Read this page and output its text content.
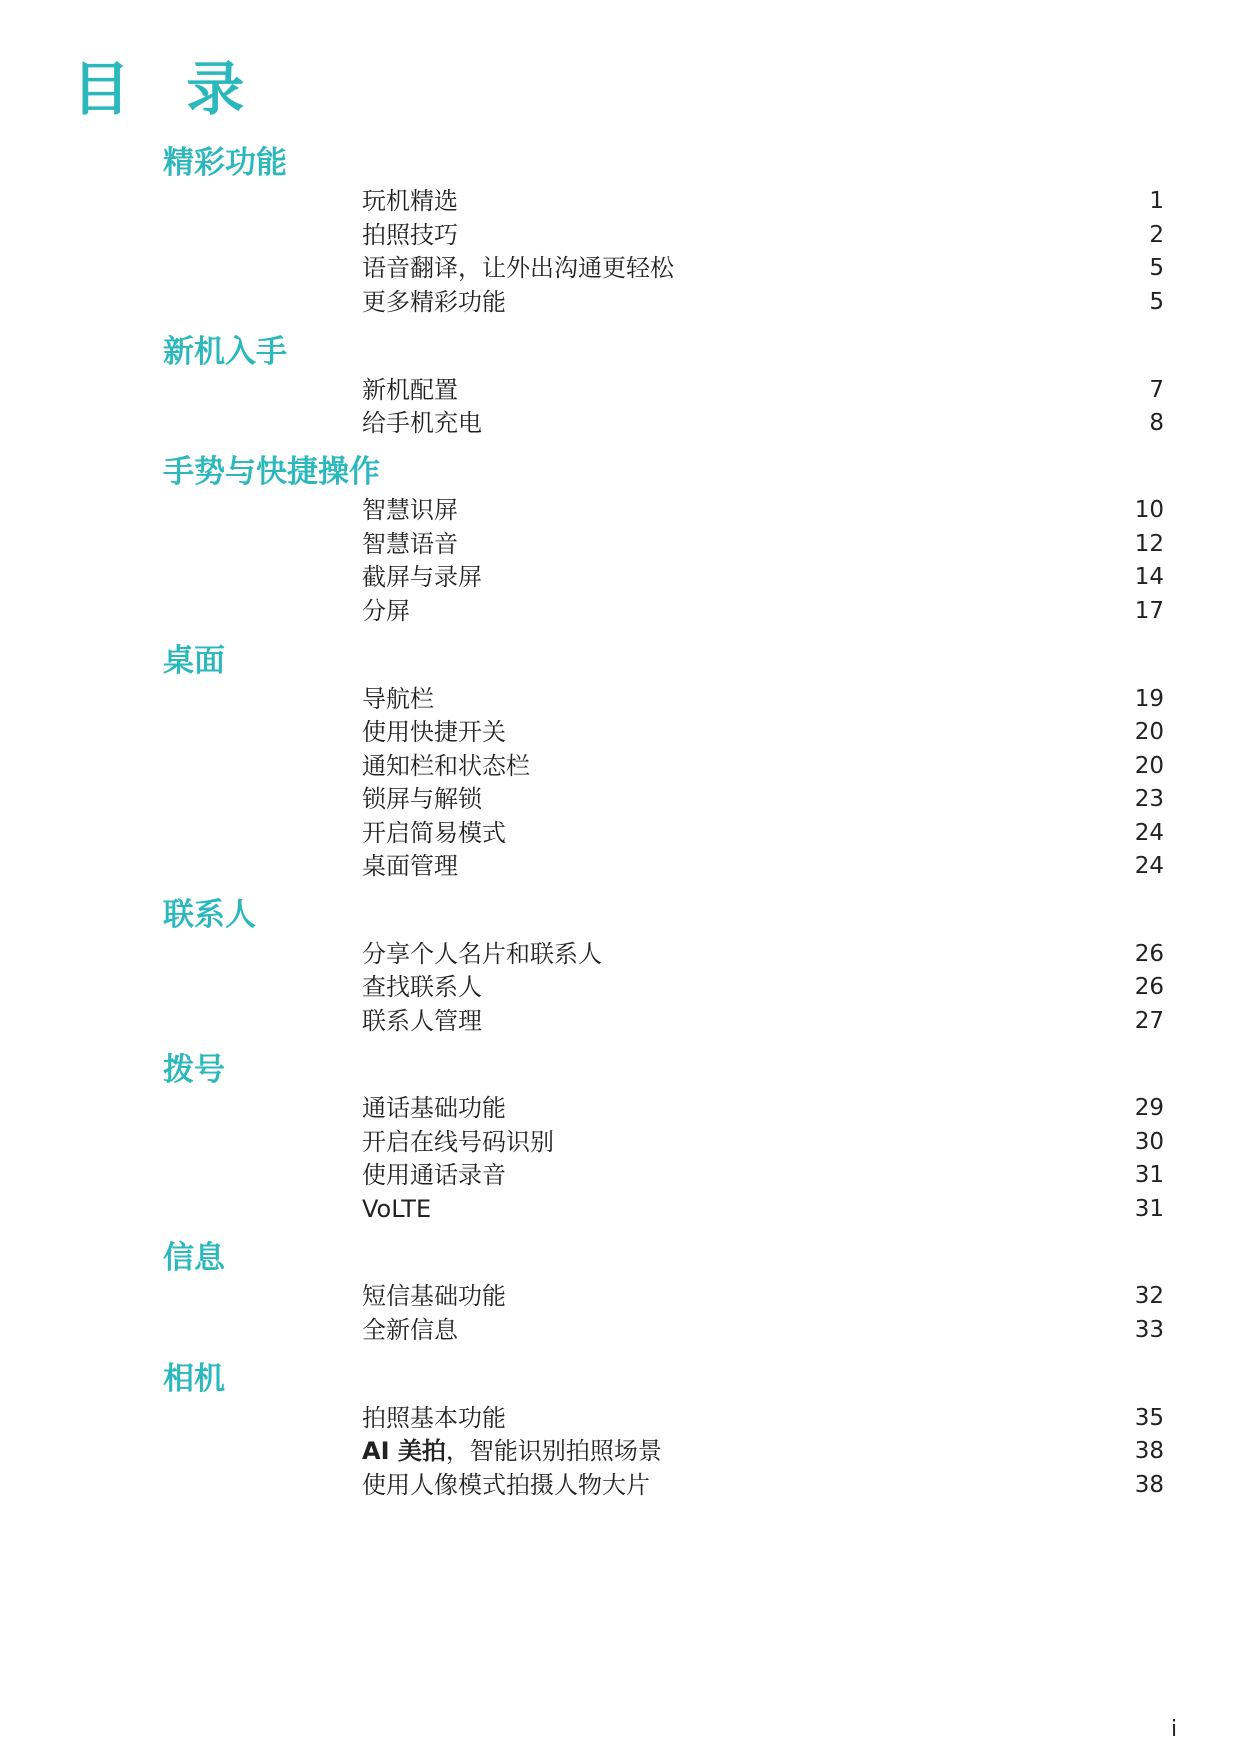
目 录
精彩功能
玩机精选	1
拍照技巧	2
语音翻译，让外出沟通更轻松	5
更多精彩功能	5
新机入手
新机配置	7
给手机充电	8
手势与快捷操作
智慧识屏	10
智慧语音	12
截屏与录屏	14
分屏	17
桌面
导航栏	19
使用快捷开关	20
通知栏和状态栏	20
锁屏与解锁	23
开启简易模式	24
桌面管理	24
联系人
分享个人名片和联系人	26
查找联系人	26
联系人管理	27
拨号
通话基础功能	29
开启在线号码识别	30
使用通话录音	31
VoLTE	31
信息
短信基础功能	32
全新信息	33
相机
拍照基本功能	35
AI 美拍，智能识别拍照场景	38
使用人像模式拍摄人物大片	38
i
